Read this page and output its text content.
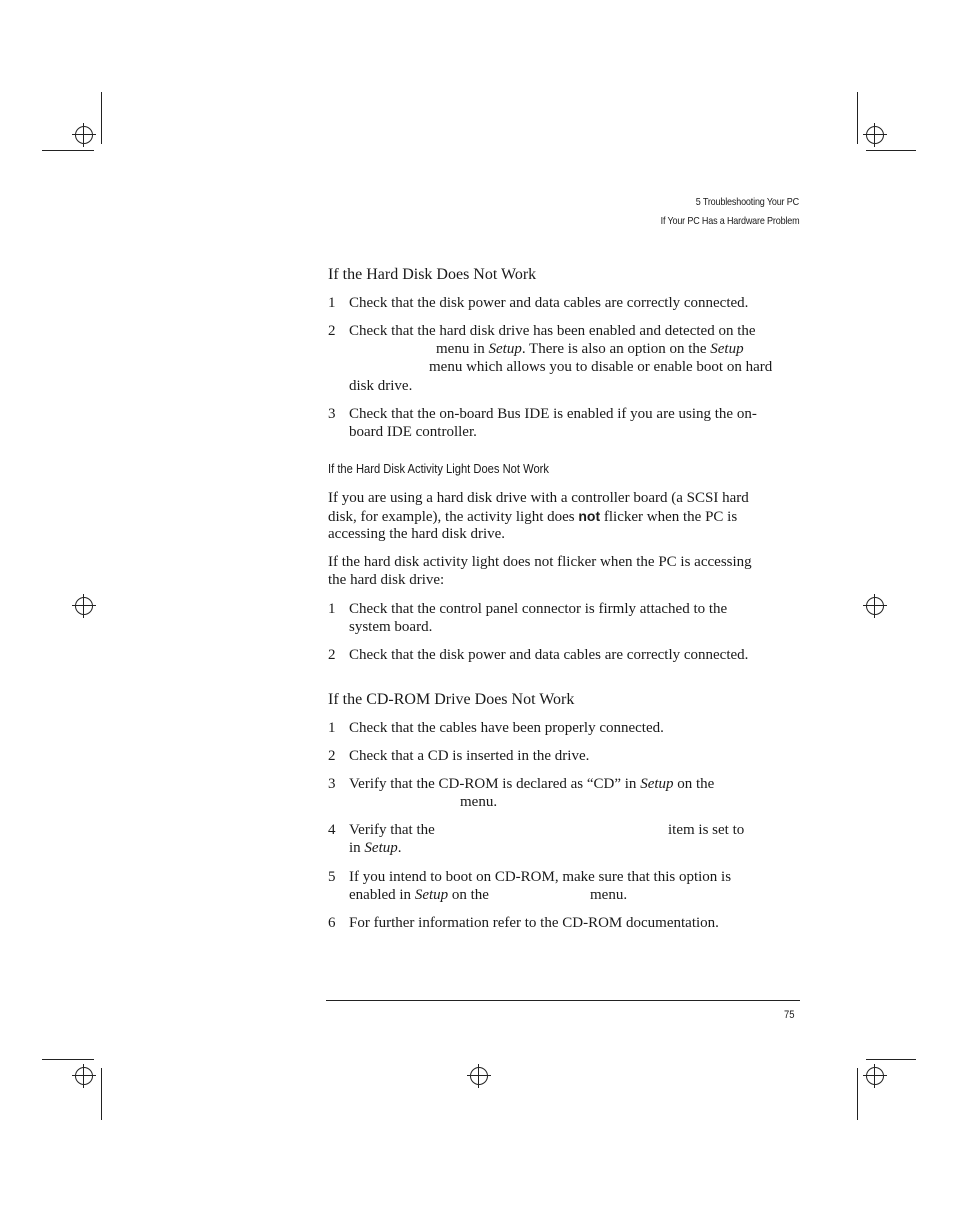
5 Troubleshooting Your PC
If Your PC Has a Hardware Problem
If the Hard Disk Does Not Work
1 Check that the disk power and data cables are correctly connected.
2 Check that the hard disk drive has been enabled and detected on the
menu in Setup. There is also an option on the Setup
menu which allows you to disable or enable boot on hard
disk drive.
3 Check that the on-board Bus IDE is enabled if you are using the on-
board IDE controller.
If the Hard Disk Activity Light Does Not Work
If you are using a hard disk drive with a controller board (a SCSI hard
disk, for example), the activity light does not flicker when the PC is
accessing the hard disk drive.
If the hard disk activity light does not flicker when the PC is accessing
the hard disk drive:
1 Check that the control panel connector is firmly attached to the
system board.
2 Check that the disk power and data cables are correctly connected.
If the CD-ROM Drive Does Not Work
1 Check that the cables have been properly connected.
2 Check that a CD is inserted in the drive.
3 Verify that the CD-ROM is declared as “CD” in Setup on the
menu.
4 Verify that the	item is set to
in Setup.
5 If you intend to boot on CD-ROM, make sure that this option is
enabled in Setup on the	menu.
6 For further information refer to the CD-ROM documentation.
75
